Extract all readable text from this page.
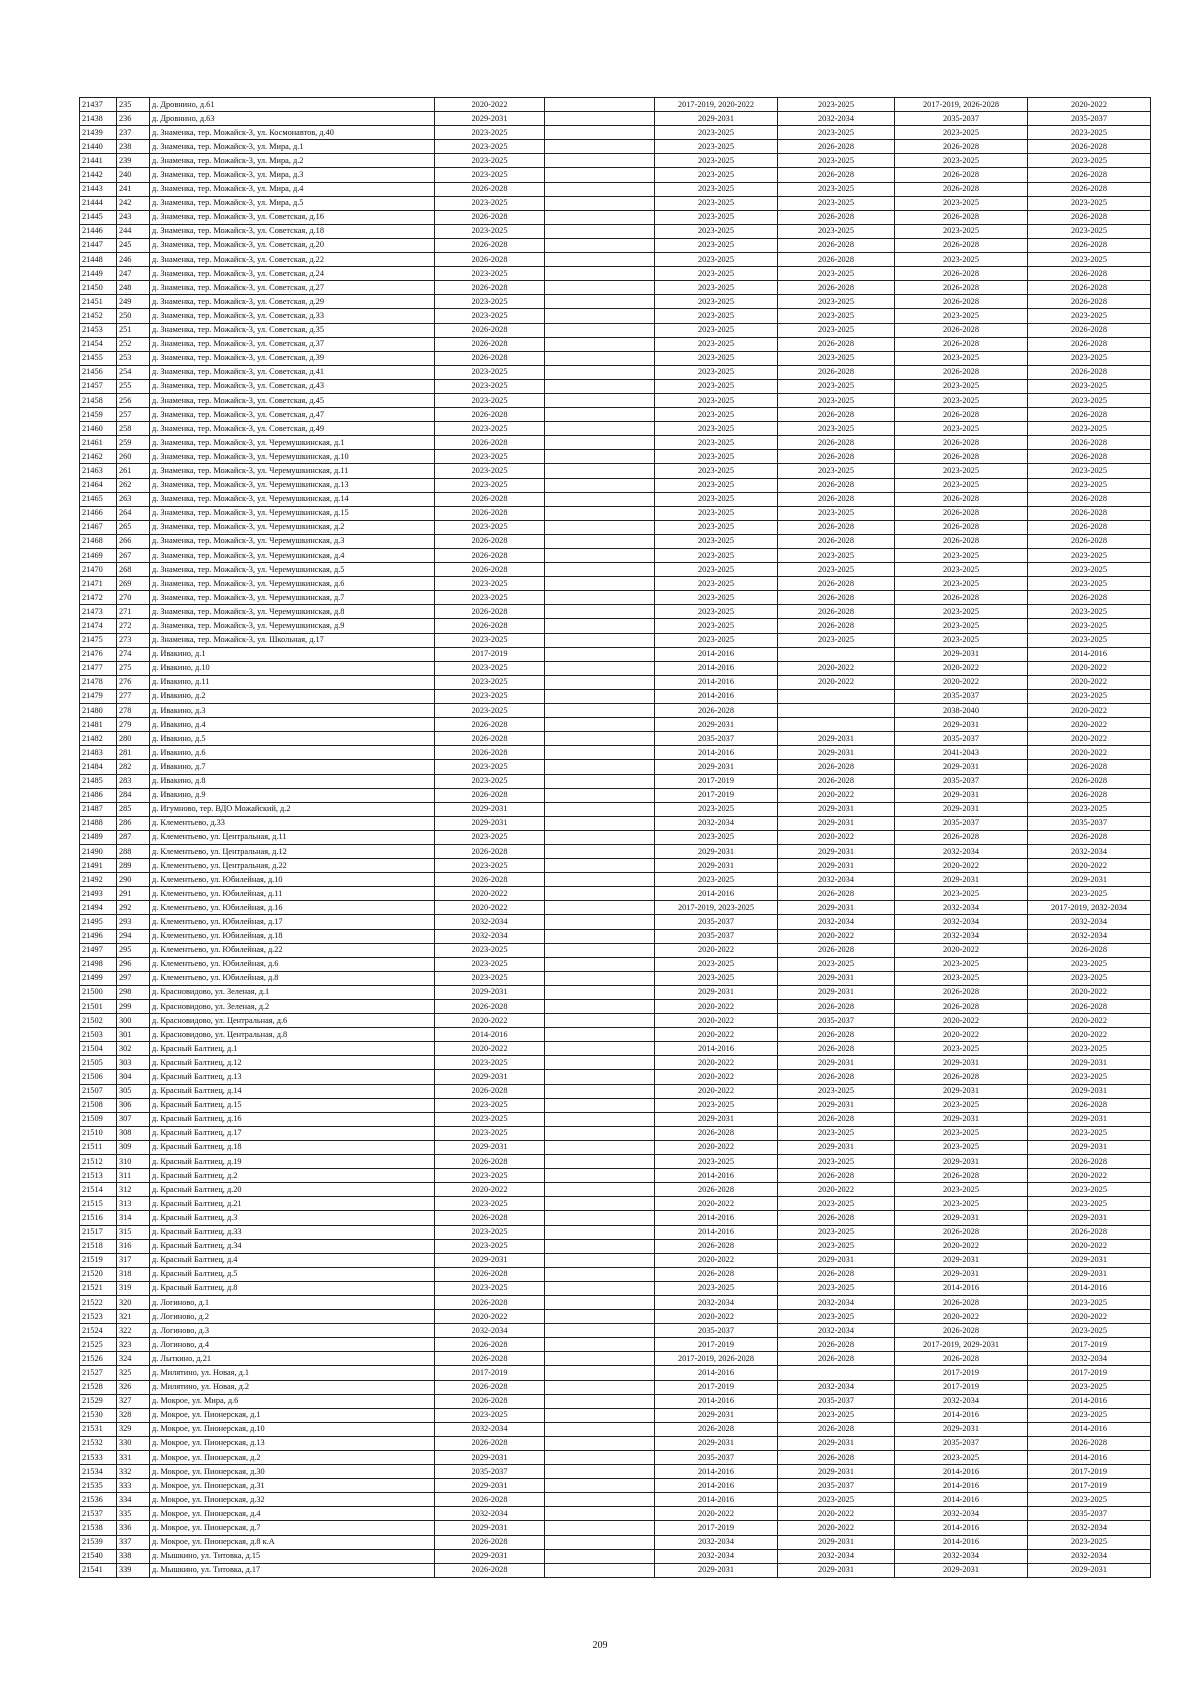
21437	235	д. Дровнино, д.61	2020-2022		2017-2019, 2020-2022	2023-2025	2017-2019, 2026-2028	2020-2022
21438	236	д. Дровнино, д.63	2029-2031		2029-2031	2032-2034	2035-2037	2035-2037
21439	237	д. Знаменка, тер. Можайск-3, ул. Космонавтов, д.40	2023-2025		2023-2025	2023-2025	2023-2025	2023-2025
21440	238	д. Знаменка, тер. Можайск-3, ул. Мира, д.1	2023-2025		2023-2025	2026-2028	2026-2028	2026-2028
21441	239	д. Знаменка, тер. Можайск-3, ул. Мира, д.2	2023-2025		2023-2025	2023-2025	2023-2025	2023-2025
21442	240	д. Знаменка, тер. Можайск-3, ул. Мира, д.3	2023-2025		2023-2025	2026-2028	2026-2028	2026-2028
21443	241	д. Знаменка, тер. Можайск-3, ул. Мира, д.4	2026-2028		2023-2025	2023-2025	2026-2028	2026-2028
21444	242	д. Знаменка, тер. Можайск-3, ул. Мира, д.5	2023-2025		2023-2025	2023-2025	2023-2025	2023-2025
21445	243	д. Знаменка, тер. Можайск-3, ул. Советская, д.16	2026-2028		2023-2025	2026-2028	2026-2028	2026-2028
21446	244	д. Знаменка, тер. Можайск-3, ул. Советская, д.18	2023-2025		2023-2025	2023-2025	2023-2025	2023-2025
21447	245	д. Знаменка, тер. Можайск-3, ул. Советская, д.20	2026-2028		2023-2025	2026-2028	2026-2028	2026-2028
21448	246	д. Знаменка, тер. Можайск-3, ул. Советская, д.22	2026-2028		2023-2025	2026-2028	2023-2025	2023-2025
21449	247	д. Знаменка, тер. Можайск-3, ул. Советская, д.24	2023-2025		2023-2025	2023-2025	2026-2028	2026-2028
21450	248	д. Знаменка, тер. Можайск-3, ул. Советская, д.27	2026-2028		2023-2025	2026-2028	2026-2028	2026-2028
21451	249	д. Знаменка, тер. Можайск-3, ул. Советская, д.29	2023-2025		2023-2025	2023-2025	2026-2028	2026-2028
21452	250	д. Знаменка, тер. Можайск-3, ул. Советская, д.33	2023-2025		2023-2025	2023-2025	2023-2025	2023-2025
21453	251	д. Знаменка, тер. Можайск-3, ул. Советская, д.35	2026-2028		2023-2025	2023-2025	2026-2028	2026-2028
21454	252	д. Знаменка, тер. Можайск-3, ул. Советская, д.37	2026-2028		2023-2025	2026-2028	2026-2028	2026-2028
21455	253	д. Знаменка, тер. Можайск-3, ул. Советская, д.39	2026-2028		2023-2025	2023-2025	2023-2025	2023-2025
21456	254	д. Знаменка, тер. Можайск-3, ул. Советская, д.41	2023-2025		2023-2025	2026-2028	2026-2028	2026-2028
21457	255	д. Знаменка, тер. Можайск-3, ул. Советская, д.43	2023-2025		2023-2025	2023-2025	2023-2025	2023-2025
21458	256	д. Знаменка, тер. Можайск-3, ул. Советская, д.45	2023-2025		2023-2025	2023-2025	2023-2025	2023-2025
21459	257	д. Знаменка, тер. Можайск-3, ул. Советская, д.47	2026-2028		2023-2025	2026-2028	2026-2028	2026-2028
21460	258	д. Знаменка, тер. Можайск-3, ул. Советская, д.49	2023-2025		2023-2025	2023-2025	2023-2025	2023-2025
21461	259	д. Знаменка, тер. Можайск-3, ул. Черемушкинская, д.1	2026-2028		2023-2025	2026-2028	2026-2028	2026-2028
21462	260	д. Знаменка, тер. Можайск-3, ул. Черемушкинская, д.10	2023-2025		2023-2025	2026-2028	2026-2028	2026-2028
21463	261	д. Знаменка, тер. Можайск-3, ул. Черемушкинская, д.11	2023-2025		2023-2025	2023-2025	2023-2025	2023-2025
21464	262	д. Знаменка, тер. Можайск-3, ул. Черемушкинская, д.13	2023-2025		2023-2025	2026-2028	2023-2025	2023-2025
21465	263	д. Знаменка, тер. Можайск-3, ул. Черемушкинская, д.14	2026-2028		2023-2025	2026-2028	2026-2028	2026-2028
21466	264	д. Знаменка, тер. Можайск-3, ул. Черемушкинская, д.15	2026-2028		2023-2025	2023-2025	2026-2028	2026-2028
21467	265	д. Знаменка, тер. Можайск-3, ул. Черемушкинская, д.2	2023-2025		2023-2025	2026-2028	2026-2028	2026-2028
21468	266	д. Знаменка, тер. Можайск-3, ул. Черемушкинская, д.3	2026-2028		2023-2025	2026-2028	2026-2028	2026-2028
21469	267	д. Знаменка, тер. Можайск-3, ул. Черемушкинская, д.4	2026-2028		2023-2025	2023-2025	2023-2025	2023-2025
21470	268	д. Знаменка, тер. Можайск-3, ул. Черемушкинская, д.5	2026-2028		2023-2025	2023-2025	2023-2025	2023-2025
21471	269	д. Знаменка, тер. Можайск-3, ул. Черемушкинская, д.6	2023-2025		2023-2025	2026-2028	2023-2025	2023-2025
21472	270	д. Знаменка, тер. Можайск-3, ул. Черемушкинская, д.7	2023-2025		2023-2025	2026-2028	2026-2028	2026-2028
21473	271	д. Знаменка, тер. Можайск-3, ул. Черемушкинская, д.8	2026-2028		2023-2025	2026-2028	2023-2025	2023-2025
21474	272	д. Знаменка, тер. Можайск-3, ул. Черемушкинская, д.9	2026-2028		2023-2025	2026-2028	2023-2025	2023-2025
21475	273	д. Знаменка, тер. Можайск-3, ул. Школьная, д.17	2023-2025		2023-2025	2023-2025	2023-2025	2023-2025
21476	274	д. Ивакино, д.1	2017-2019		2014-2016		2029-2031	2014-2016
21477	275	д. Ивакино, д.10	2023-2025		2014-2016	2020-2022	2020-2022	2020-2022
21478	276	д. Ивакино, д.11	2023-2025		2014-2016	2020-2022	2020-2022	2020-2022
21479	277	д. Ивакино, д.2	2023-2025		2014-2016		2035-2037	2023-2025
21480	278	д. Ивакино, д.3	2023-2025		2026-2028		2038-2040	2020-2022
21481	279	д. Ивакино, д.4	2026-2028		2029-2031		2029-2031	2020-2022
21482	280	д. Ивакино, д.5	2026-2028		2035-2037	2029-2031	2035-2037	2020-2022
21483	281	д. Ивакино, д.6	2026-2028		2014-2016	2029-2031	2041-2043	2020-2022
21484	282	д. Ивакино, д.7	2023-2025		2029-2031	2026-2028	2029-2031	2026-2028
21485	283	д. Ивакино, д.8	2023-2025		2017-2019	2026-2028	2035-2037	2026-2028
21486	284	д. Ивакино, д.9	2026-2028		2017-2019	2020-2022	2029-2031	2026-2028
21487	285	д. Игумново, тер. ВДО Можайский, д.2	2029-2031		2023-2025	2029-2031	2029-2031	2023-2025
21488	286	д. Клементьево, д.33	2029-2031		2032-2034	2029-2031	2035-2037	2035-2037
21489	287	д. Клементьево, ул. Центральная, д.11	2023-2025		2023-2025	2020-2022	2026-2028	2026-2028
21490	288	д. Клементьево, ул. Центральная, д.12	2026-2028		2029-2031	2029-2031	2032-2034	2032-2034
21491	289	д. Клементьево, ул. Центральная, д.22	2023-2025		2029-2031	2029-2031	2020-2022	2020-2022
21492	290	д. Клементьево, ул. Юбилейная, д.10	2026-2028		2023-2025	2032-2034	2029-2031	2029-2031
21493	291	д. Клементьево, ул. Юбилейная, д.11	2020-2022		2014-2016	2026-2028	2023-2025	2023-2025
21494	292	д. Клементьево, ул. Юбилейная, д.16	2020-2022		2017-2019, 2023-2025	2029-2031	2032-2034	2017-2019, 2032-2034
21495	293	д. Клементьево, ул. Юбилейная, д.17	2032-2034		2035-2037	2032-2034	2032-2034	2032-2034
21496	294	д. Клементьево, ул. Юбилейная, д.18	2032-2034		2035-2037	2020-2022	2032-2034	2032-2034
21497	295	д. Клементьево, ул. Юбилейная, д.22	2023-2025		2020-2022	2026-2028	2020-2022	2026-2028
21498	296	д. Клементьево, ул. Юбилейная, д.6	2023-2025		2023-2025	2023-2025	2023-2025	2023-2025
21499	297	д. Клементьево, ул. Юбилейная, д.8	2023-2025		2023-2025	2029-2031	2023-2025	2023-2025
21500	298	д. Красновидово, ул. Зеленая, д.1	2029-2031		2029-2031	2029-2031	2026-2028	2020-2022
21501	299	д. Красновидово, ул. Зеленая, д.2	2026-2028		2020-2022	2026-2028	2026-2028	2026-2028
21502	300	д. Красновидово, ул. Центральная, д.6	2020-2022		2020-2022	2035-2037	2020-2022	2020-2022
21503	301	д. Красновидово, ул. Центральная, д.8	2014-2016		2020-2022	2026-2028	2020-2022	2020-2022
21504	302	д. Красный Балтиец, д.1	2020-2022		2014-2016	2026-2028	2023-2025	2023-2025
21505	303	д. Красный Балтиец, д.12	2023-2025		2020-2022	2029-2031	2029-2031	2029-2031
21506	304	д. Красный Балтиец, д.13	2029-2031		2020-2022	2026-2028	2026-2028	2023-2025
21507	305	д. Красный Балтиец, д.14	2026-2028		2020-2022	2023-2025	2029-2031	2029-2031
21508	306	д. Красный Балтиец, д.15	2023-2025		2023-2025	2029-2031	2023-2025	2026-2028
21509	307	д. Красный Балтиец, д.16	2023-2025		2029-2031	2026-2028	2029-2031	2029-2031
21510	308	д. Красный Балтиец, д.17	2023-2025		2026-2028	2023-2025	2023-2025	2023-2025
21511	309	д. Красный Балтиец, д.18	2029-2031		2020-2022	2029-2031	2023-2025	2029-2031
21512	310	д. Красный Балтиец, д.19	2026-2028		2023-2025	2023-2025	2029-2031	2026-2028
21513	311	д. Красный Балтиец, д.2	2023-2025		2014-2016	2026-2028	2026-2028	2020-2022
21514	312	д. Красный Балтиец, д.20	2020-2022		2026-2028	2020-2022	2023-2025	2023-2025
21515	313	д. Красный Балтиец, д.21	2023-2025		2020-2022	2023-2025	2023-2025	2023-2025
21516	314	д. Красный Балтиец, д.3	2026-2028		2014-2016	2026-2028	2029-2031	2029-2031
21517	315	д. Красный Балтиец, д.33	2023-2025		2014-2016	2023-2025	2026-2028	2026-2028
21518	316	д. Красный Балтиец, д.34	2023-2025		2026-2028	2023-2025	2020-2022	2020-2022
21519	317	д. Красный Балтиец, д.4	2029-2031		2020-2022	2029-2031	2029-2031	2029-2031
21520	318	д. Красный Балтиец, д.5	2026-2028		2026-2028	2026-2028	2029-2031	2029-2031
21521	319	д. Красный Балтиец, д.8	2023-2025		2023-2025	2023-2025	2014-2016	2014-2016
21522	320	д. Логиново, д.1	2026-2028		2032-2034	2032-2034	2026-2028	2023-2025
21523	321	д. Логиново, д.2	2020-2022		2020-2022	2023-2025	2020-2022	2020-2022
21524	322	д. Логиново, д.3	2032-2034		2035-2037	2032-2034	2026-2028	2023-2025
21525	323	д. Логиново, д.4	2026-2028		2017-2019	2026-2028	2017-2019, 2029-2031	2017-2019
21526	324	д. Лыткино, д.21	2026-2028		2017-2019, 2026-2028	2026-2028	2026-2028	2032-2034
21527	325	д. Милятино, ул. Новая, д.1	2017-2019		2014-2016		2017-2019	2017-2019
21528	326	д. Милятино, ул. Новая, д.2	2026-2028		2017-2019	2032-2034	2017-2019	2023-2025
21529	327	д. Мокрое, ул. Мира, д.6	2026-2028		2014-2016	2035-2037	2032-2034	2014-2016
21530	328	д. Мокрое, ул. Пионерская, д.1	2023-2025		2029-2031	2023-2025	2014-2016	2023-2025
21531	329	д. Мокрое, ул. Пионерская, д.10	2032-2034		2026-2028	2026-2028	2029-2031	2014-2016
21532	330	д. Мокрое, ул. Пионерская, д.13	2026-2028		2029-2031	2029-2031	2035-2037	2026-2028
21533	331	д. Мокрое, ул. Пионерская, д.2	2029-2031		2035-2037	2026-2028	2023-2025	2014-2016
21534	332	д. Мокрое, ул. Пионерская, д.30	2035-2037		2014-2016	2029-2031	2014-2016	2017-2019
21535	333	д. Мокрое, ул. Пионерская, д.31	2029-2031		2014-2016	2035-2037	2014-2016	2017-2019
21536	334	д. Мокрое, ул. Пионерская, д.32	2026-2028		2014-2016	2023-2025	2014-2016	2023-2025
21537	335	д. Мокрое, ул. Пионерская, д.4	2032-2034		2020-2022	2020-2022	2032-2034	2035-2037
21538	336	д. Мокрое, ул. Пионерская, д.7	2029-2031		2017-2019	2020-2022	2014-2016	2032-2034
21539	337	д. Мокрое, ул. Пионерская, д.8 к.А	2026-2028		2032-2034	2029-2031	2014-2016	2023-2025
21540	338	д. Мышкино, ул. Титовка, д.15	2029-2031		2032-2034	2032-2034	2032-2034	2032-2034
21541	339	д. Мышкино, ул. Титовка, д.17	2026-2028		2029-2031	2029-2031	2029-2031	2029-2031
209
